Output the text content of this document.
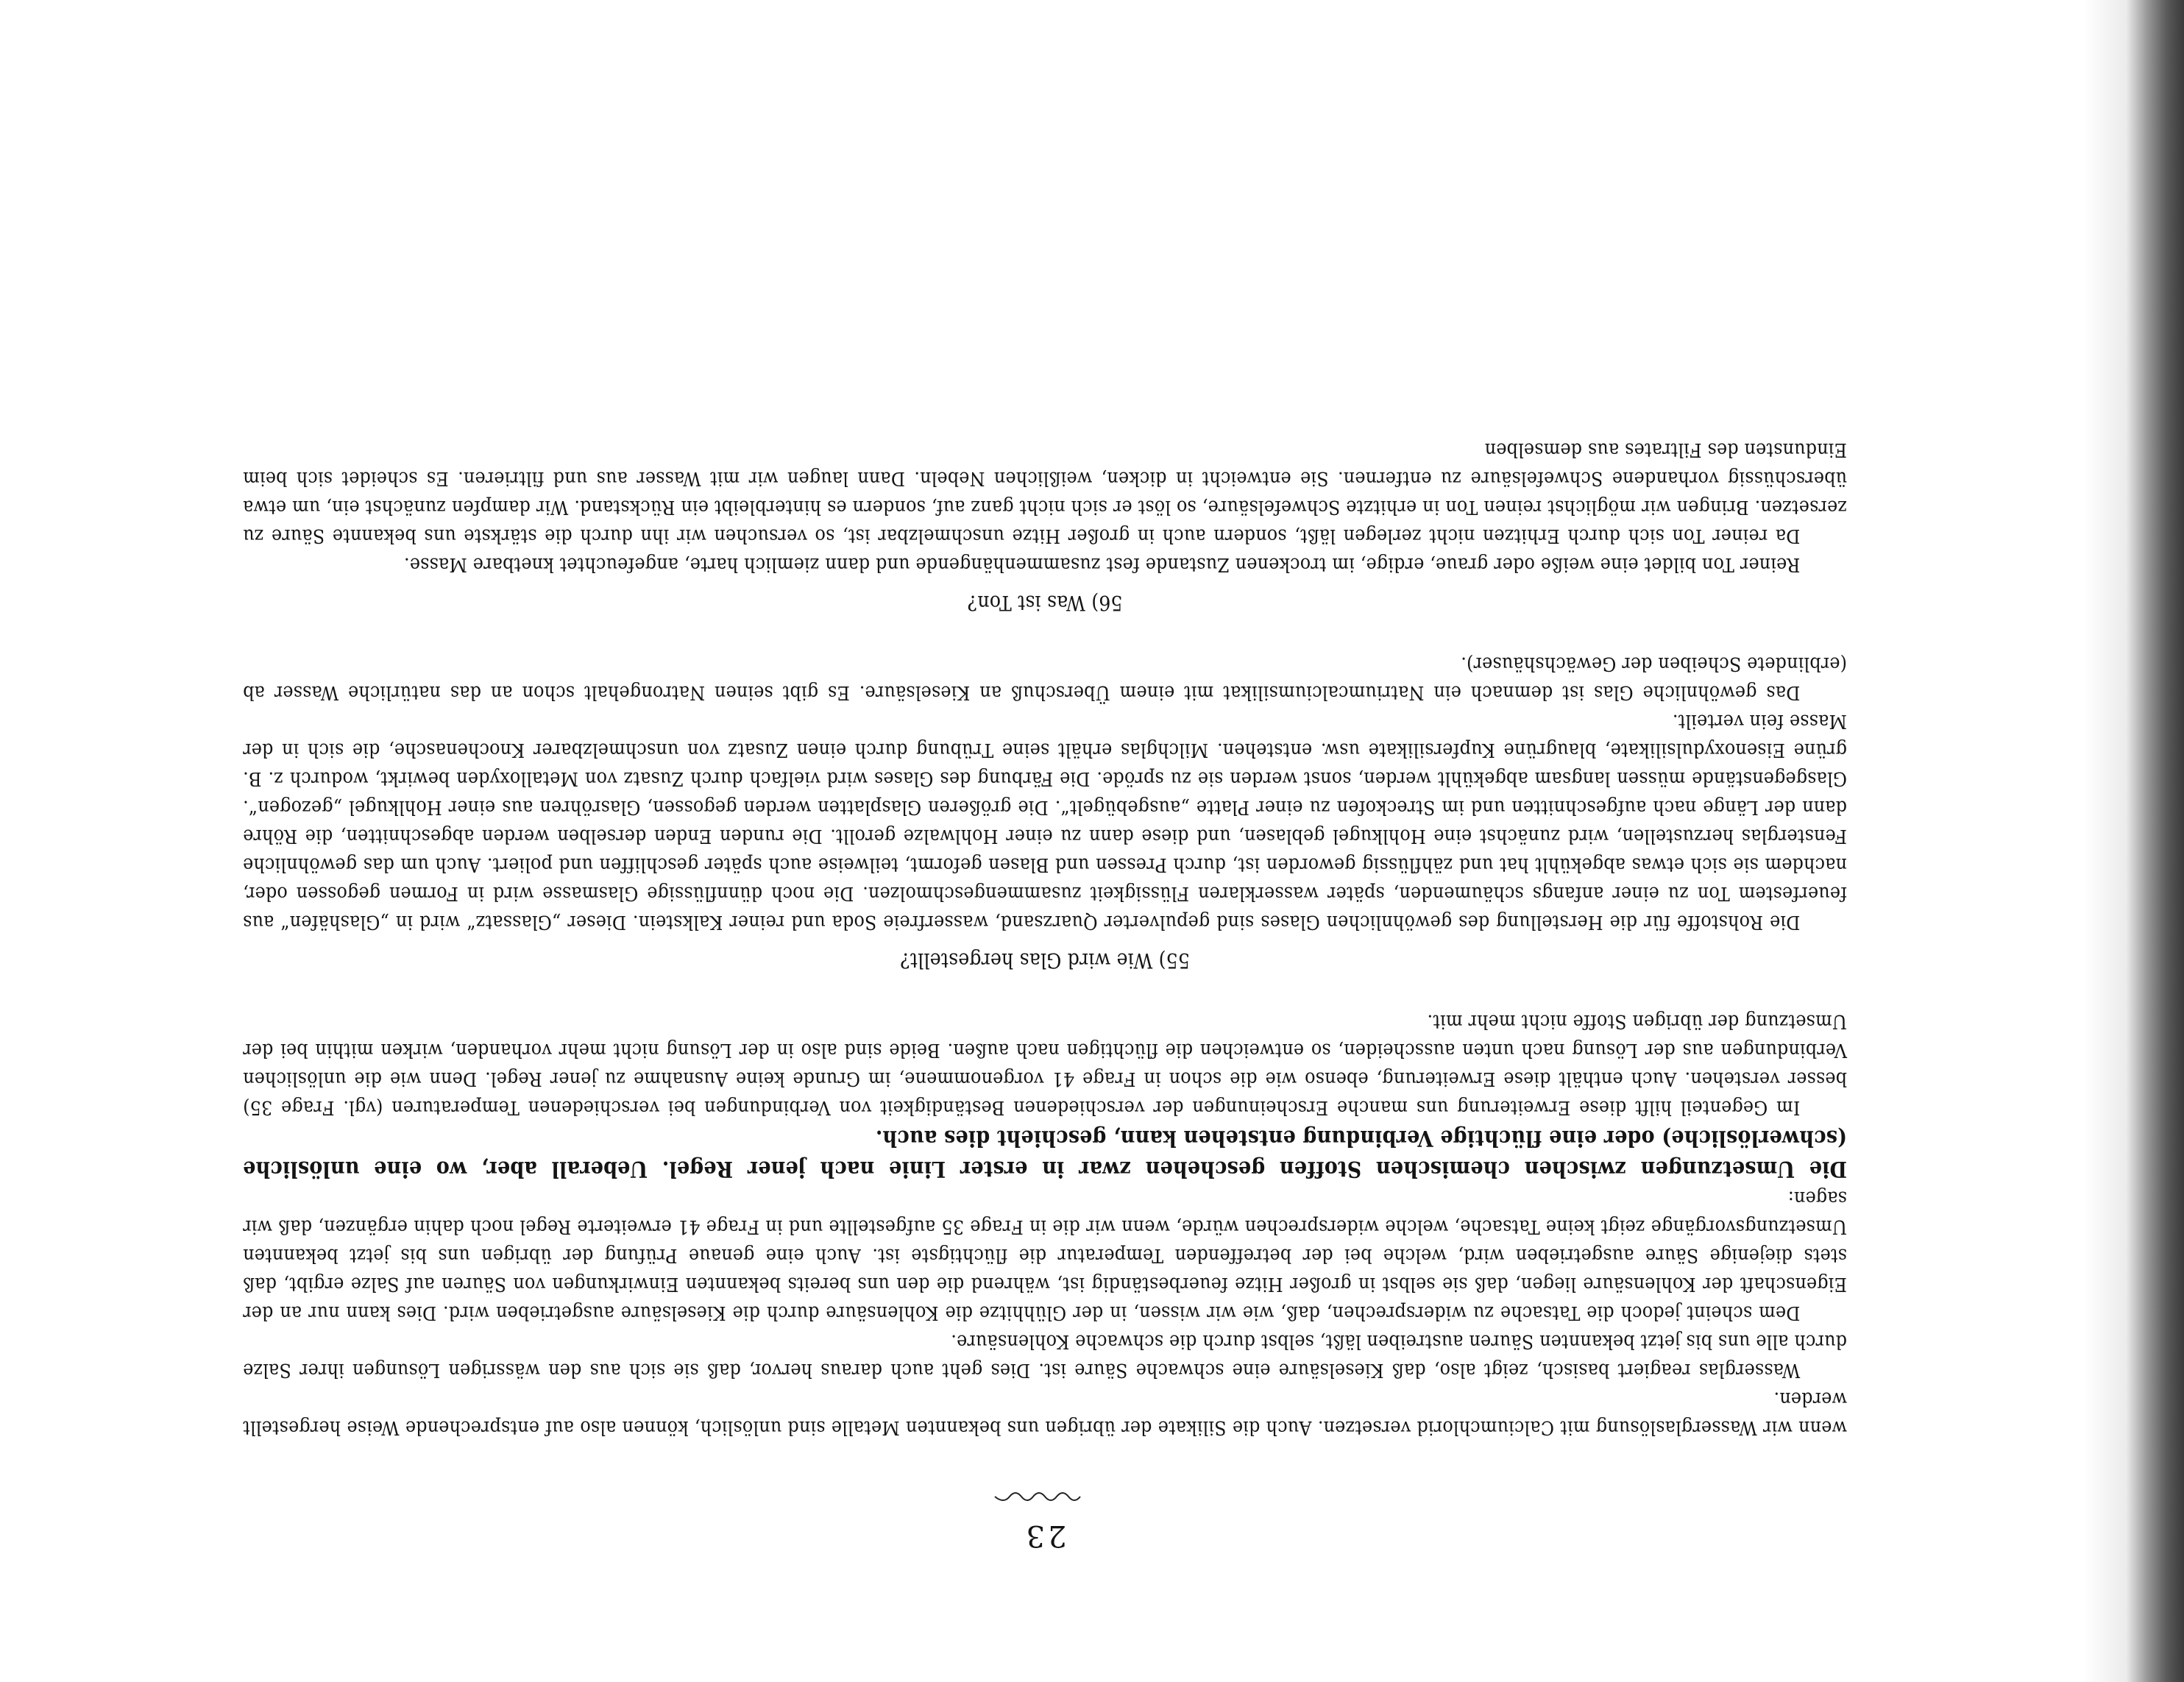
23

wenn wir Wasserglaslösung mit Calciumchlorid versetzen. Auch die Silikate der übrigen uns bekannten Metalle sind unlöslich, können also auf entsprechende Weise hergestellt werden.

Wasserglas reagiert basisch, zeigt also, daß Kieselsäure eine schwache Säure ist. Dies geht auch daraus hervor, daß sie sich aus den wässrigen Lösungen ihrer Salze durch alle uns bis jetzt bekannten Säuren austreiben läßt, selbst durch die schwache Kohlensäure.

Dem scheint jedoch die Tatsache zu widersprechen, daß, wie wir wissen, in der Glühhitze die Kohlensäure durch die Kieselsäure ausgetrieben wird. Dies kann nur an der Eigenschaft der Kohlensäure liegen, daß sie selbst in großer Hitze feuerbeständig ist, während die den uns bereits bekannten Einwirkungen von Säuren auf Salze ergibt, daß stets diejenige Säure ausgetrieben wird, welche bei der betreffenden Temperatur die flüchtigste ist. Auch eine genaue Prüfung der übrigen uns bis jetzt bekannten Umsetzungsvorgänge zeigt keine Tatsache, welche widersprechen würde, wenn wir die in Frage 35 aufgestellte und in Frage 41 erweiterte Regel noch dahin ergänzen, daß wir sagen:

Die Umsetzungen zwischen chemischen Stoffen geschehen zwar in erster Linie nach jener Regel. Ueberall aber, wo eine unlösliche (schwerlösliche) oder eine flüchtige Verbindung entstehen kann, geschieht dies auch.

Im Gegenteil hilft diese Erweiterung uns manche Erscheinungen der verschiedenen Beständigkeit von Verbindungen bei verschiedenen Temperaturen (vgl. Frage 35) besser verstehen. Auch enthält diese Erweiterung, ebenso wie die schon in Frage 41 vorgenommene, im Grunde keine Ausnahme zu jener Regel. Denn wie die unlöslichen Verbindungen aus der Lösung nach unten ausscheiden, so entweichen die flüchtigen nach außen. Beide sind also in der Lösung nicht mehr vorhanden, wirken mithin bei der Umsetzung der übrigen Stoffe nicht mehr mit.

55) Wie wird Glas hergestellt?

Die Rohstoffe für die Herstellung des gewöhnlichen Glases sind gepulverter Quarzsand, wasserfreie Soda und reiner Kalkstein. Dieser „Glassatz“ wird in „Glashäfen“ aus feuerfestem Ton zu einer anfangs schäumenden, später wasserklaren Flüssigkeit zusammengeschmolzen. Die noch dünnflüssige Glasmasse wird in Formen gegossen oder, nachdem sie sich etwas abgekühlt hat und zähflüssig geworden ist, durch Pressen und Blasen geformt, teilweise auch später geschliffen und poliert. Auch um das gewöhnliche Fensterglas herzustellen, wird zunächst eine Hohlkugel geblasen, und diese dann zu einer Hohlwalze gerollt. Die runden Enden derselben werden abgeschnitten, die Röhre dann der Länge nach aufgeschnitten und im Streckofen zu einer Platte „ausgebügelt“. Die größeren Glasplatten werden gegossen, Glasröhren aus einer Hohlkugel „gezogen“. Glasgegenstände müssen langsam abgekühlt werden, sonst werden sie zu spröde. Die Färbung des Glases wird vielfach durch Zusatz von Metalloxyden bewirkt, wodurch z. B. grüne Eisenoxydulsilikate, blaugrüne Kupfersilikate usw. entstehen. Milchglas erhält seine Trübung durch einen Zusatz von unschmelzbarer Knochenasche, die sich in der Masse fein verteilt.

Das gewöhnliche Glas ist demnach ein Natriumcalciumsilikat mit einem Überschuß an Kieselsäure. Es gibt seinen Natrongehalt schon an das natürliche Wasser ab (erblindete Scheiben der Gewächshäuser).

56) Was ist Ton?

Reiner Ton bildet eine weiße oder graue, erdige, im trockenen Zustande fest zusammenhängende und dann ziemlich harte, angefeuchtet knetbare Masse.

Da reiner Ton sich durch Erhitzen nicht zerlegen läßt, sondern auch in großer Hitze unschmelzbar ist, so versuchen wir ihn durch die stärkste uns bekannte Säure zu zersetzen. Bringen wir möglichst reinen Ton in erhitzte Schwefelsäure, so löst er sich nicht ganz auf, sondern es hinterbleibt ein Rückstand. Wir dampfen zunächst ein, um etwa überschüssig vorhandene Schwefelsäure zu entfernen. Sie entweicht in dicken, weißlichen Nebeln. Dann laugen wir mit Wasser aus und filtrieren. Es scheidet sich beim Eindunsten des Filtrates aus demselben
